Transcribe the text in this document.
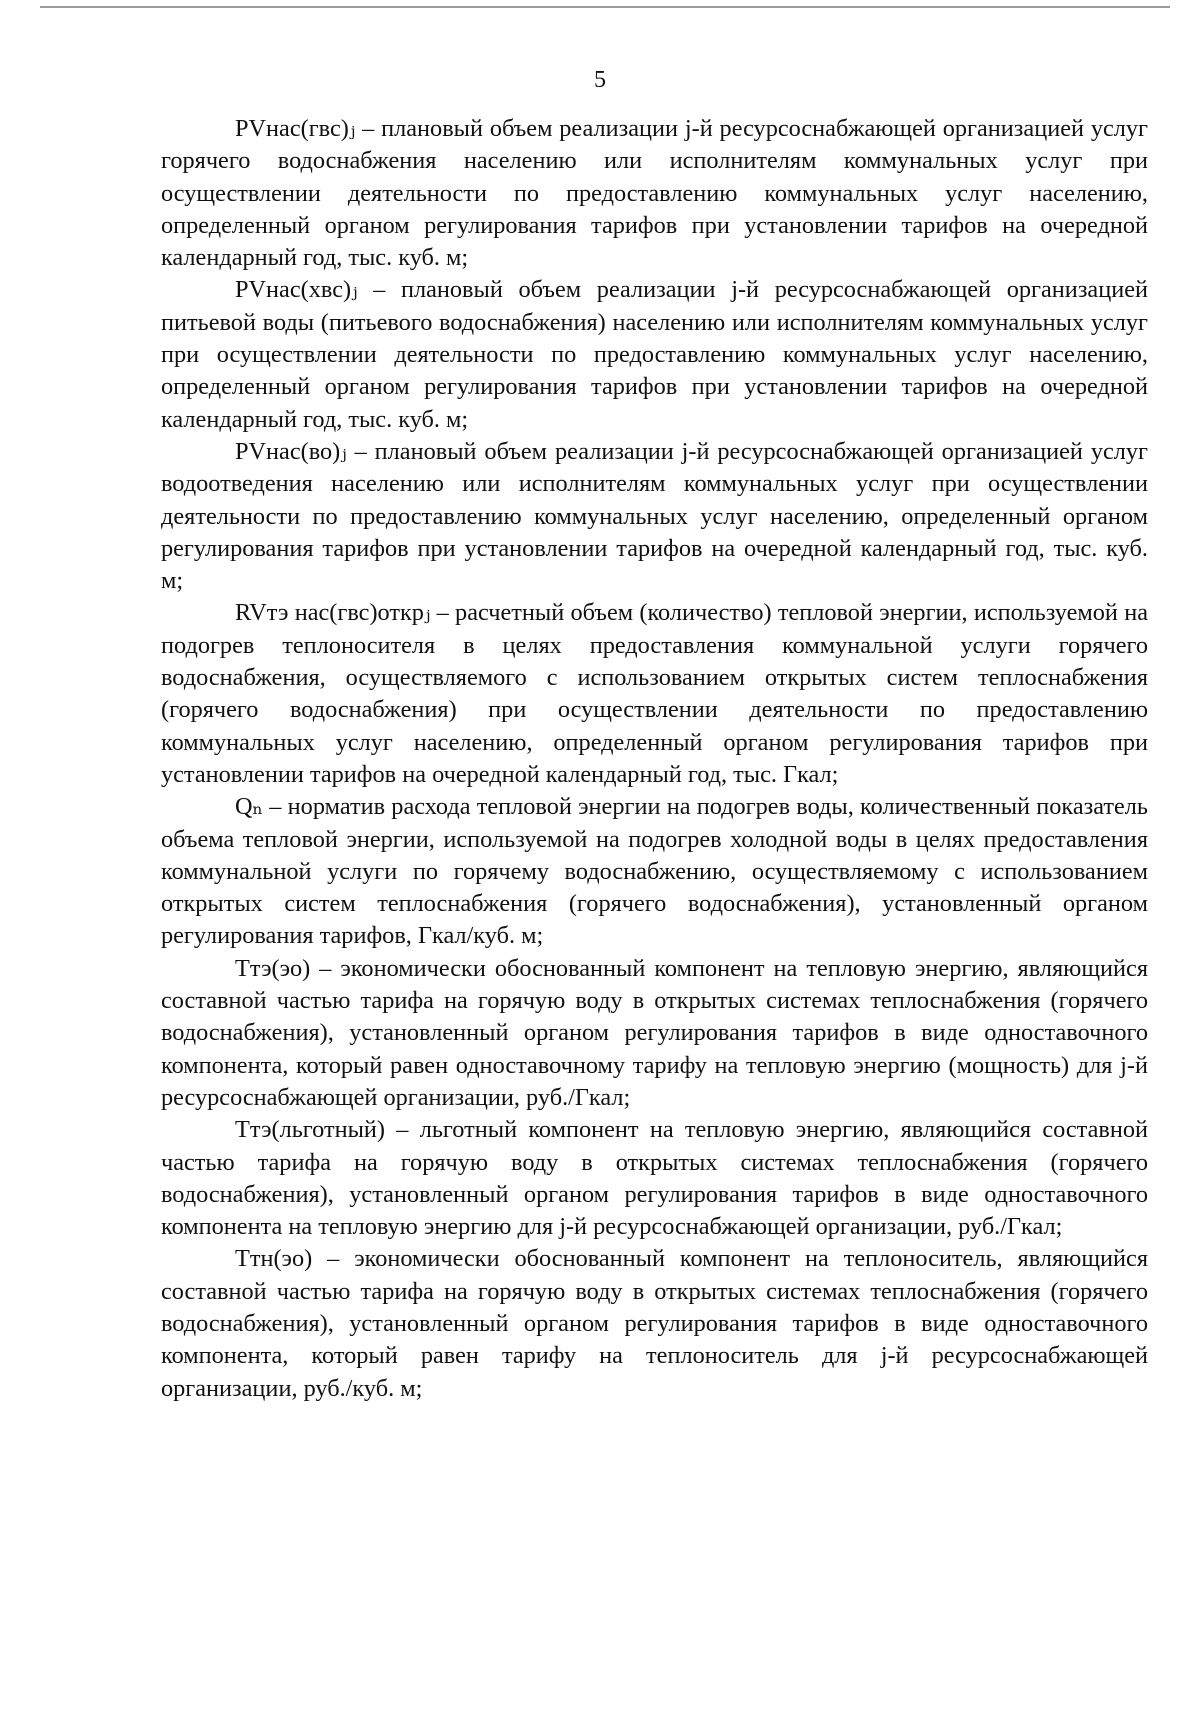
5

PVнас(гвс)ⱼ – плановый объем реализации j-й ресурсоснабжающей организацией услуг горячего водоснабжения населению или исполнителям коммунальных услуг при осуществлении деятельности по предоставлению коммунальных услуг населению, определенный органом регулирования тарифов при установлении тарифов на очередной календарный год, тыс. куб. м;

PVнас(хвс)ⱼ – плановый объем реализации j-й ресурсоснабжающей организацией питьевой воды (питьевого водоснабжения) населению или исполнителям коммунальных услуг при осуществлении деятельности по предоставлению коммунальных услуг населению, определенный органом регулирования тарифов при установлении тарифов на очередной календарный год, тыс. куб. м;

PVнас(во)ⱼ – плановый объем реализации j-й ресурсоснабжающей организацией услуг водоотведения населению или исполнителям коммунальных услуг при осуществлении деятельности по предоставлению коммунальных услуг населению, определенный органом регулирования тарифов при установлении тарифов на очередной календарный год, тыс. куб. м;

RVтэ нас(гвс)открⱼ – расчетный объем (количество) тепловой энергии, используемой на подогрев теплоносителя в целях предоставления коммунальной услуги горячего водоснабжения, осуществляемого с использованием открытых систем теплоснабжения (горячего водоснабжения) при осуществлении деятельности по предоставлению коммунальных услуг населению, определенный органом регулирования тарифов при установлении тарифов на очередной календарный год, тыс. Гкал;

Qₙ – норматив расхода тепловой энергии на подогрев воды, количественный показатель объема тепловой энергии, используемой на подогрев холодной воды в целях предоставления коммунальной услуги по горячему водоснабжению, осуществляемому с использованием открытых систем теплоснабжения (горячего водоснабжения), установленный органом регулирования тарифов, Гкал/куб. м;

Tтэ(эо) – экономически обоснованный компонент на тепловую энергию, являющийся составной частью тарифа на горячую воду в открытых системах теплоснабжения (горячего водоснабжения), установленный органом регулирования тарифов в виде одноставочного компонента, который равен одноставочному тарифу на тепловую энергию (мощность) для j-й ресурсоснабжающей организации, руб./Гкал;

Tтэ(льготный) – льготный компонент на тепловую энергию, являющийся составной частью тарифа на горячую воду в открытых системах теплоснабжения (горячего водоснабжения), установленный органом регулирования тарифов в виде одноставочного компонента на тепловую энергию для j-й ресурсоснабжающей организации, руб./Гкал;

Tтн(эо) – экономически обоснованный компонент на теплоноситель, являющийся составной частью тарифа на горячую воду в открытых системах теплоснабжения (горячего водоснабжения), установленный органом регулирования тарифов в виде одноставочного компонента, который равен тарифу на теплоноситель для j-й ресурсоснабжающей организации, руб./куб. м;
